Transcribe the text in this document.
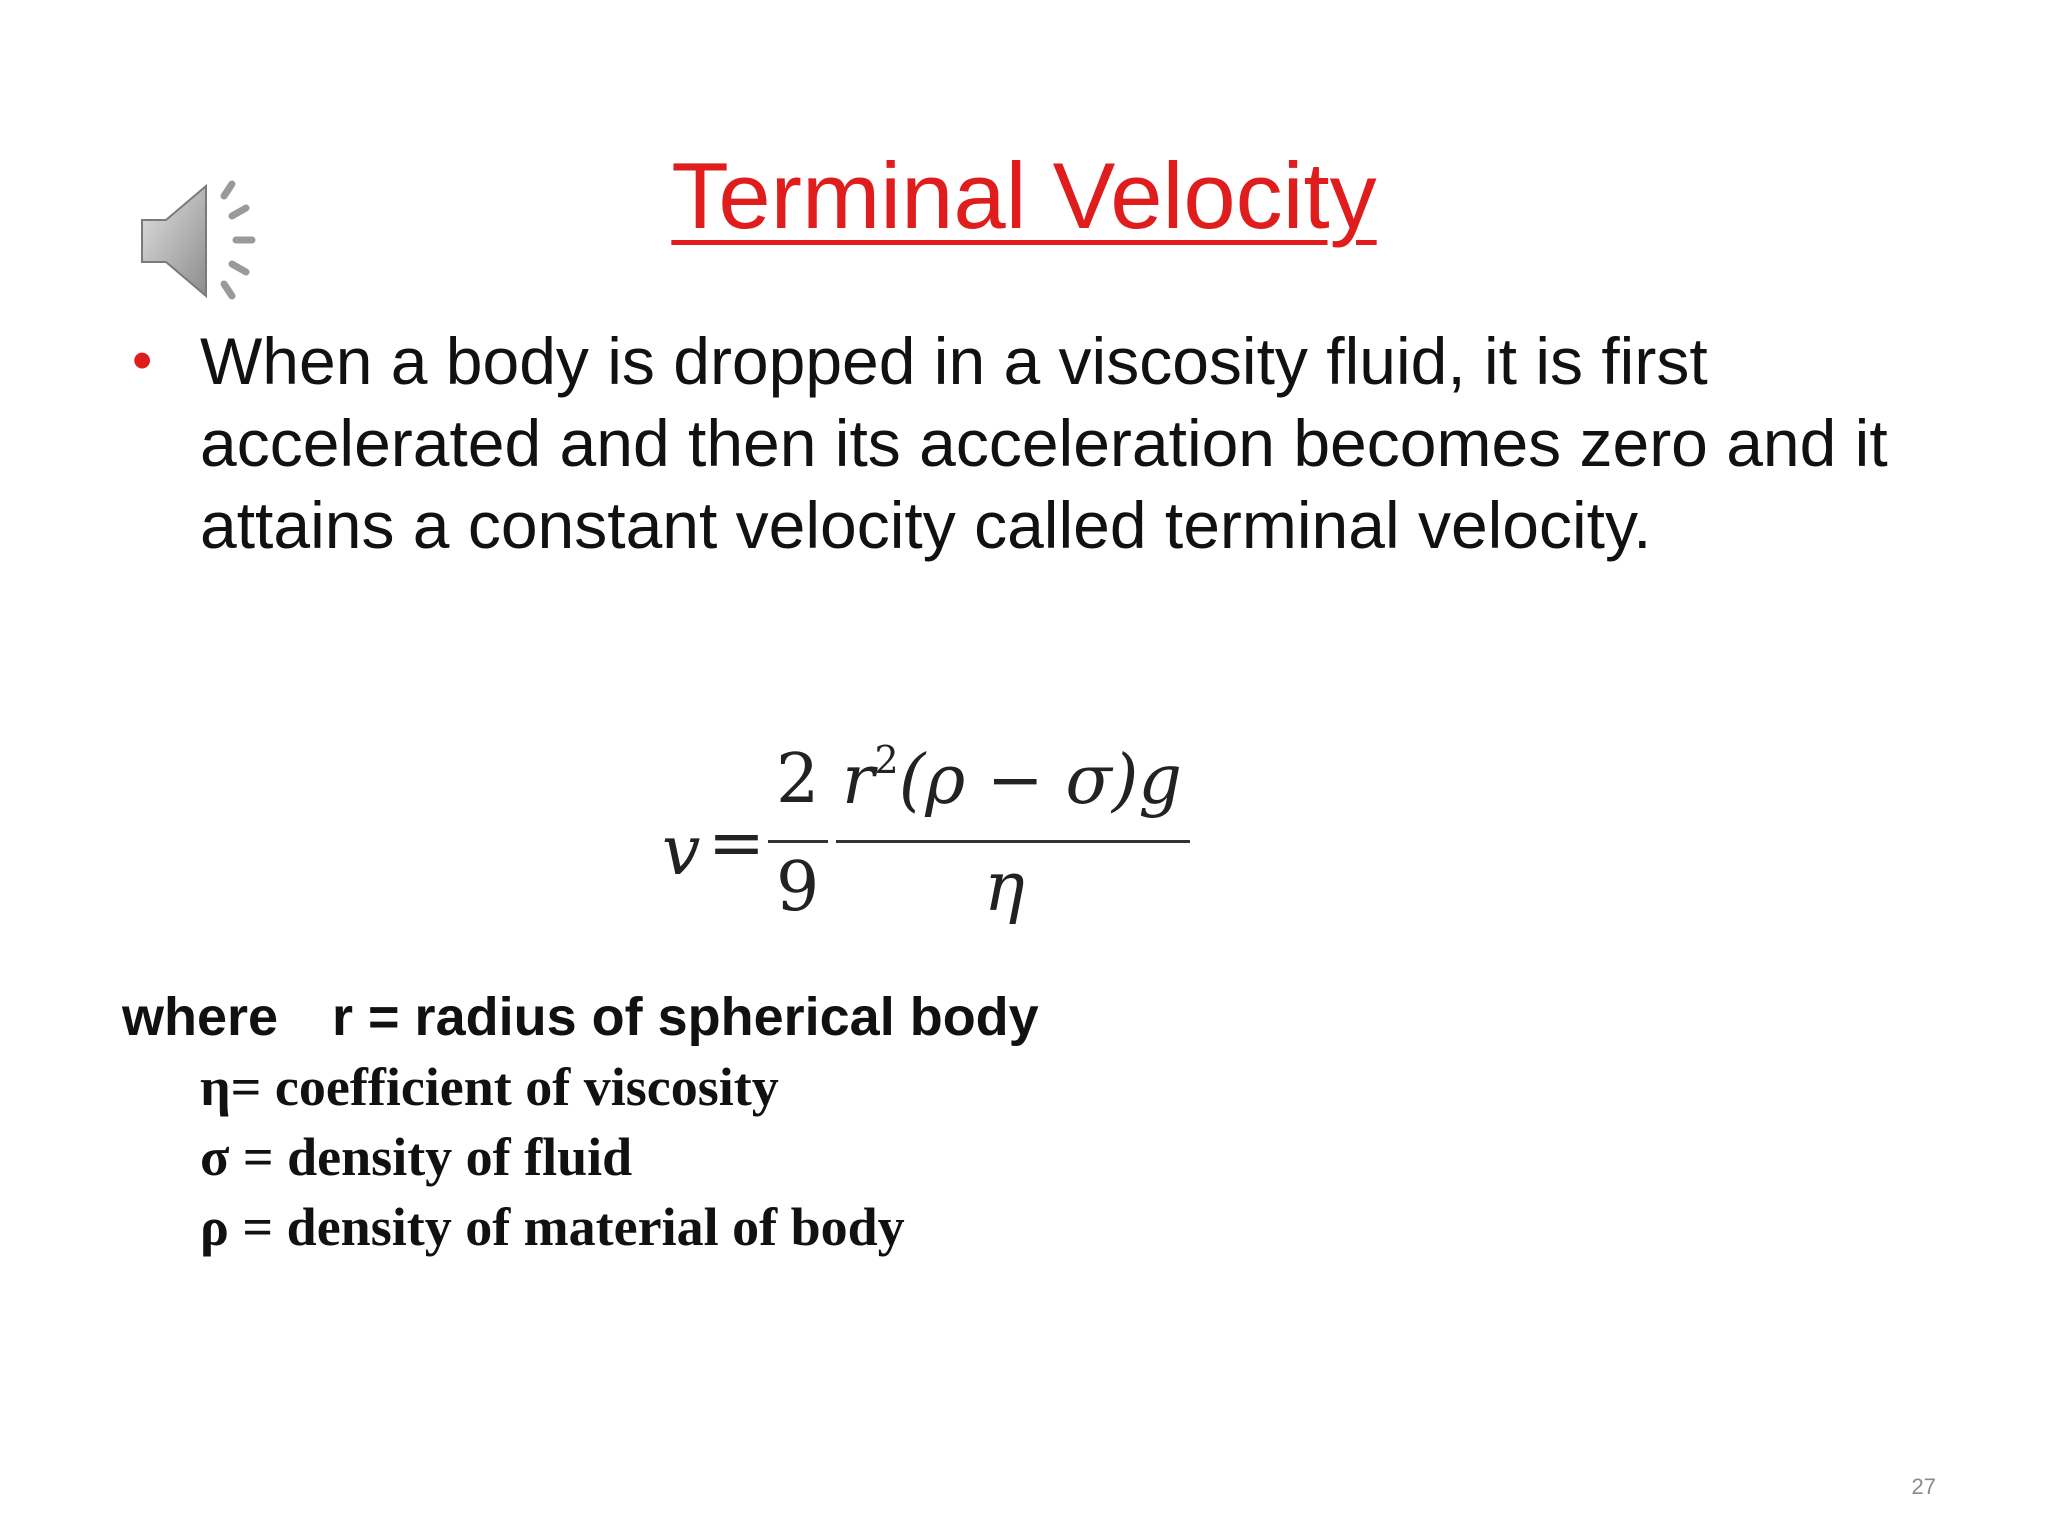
Terminal Velocity
• When a body is dropped in a viscosity fluid, it is first accelerated and then its acceleration becomes zero and it attains a constant velocity called terminal velocity.
v =
2
9
$r^2(\rho - \sigma)g$
η
where r = radius of spherical body
η= coefficient of viscosity
σ = density of fluid
ρ = density of material of body
27
